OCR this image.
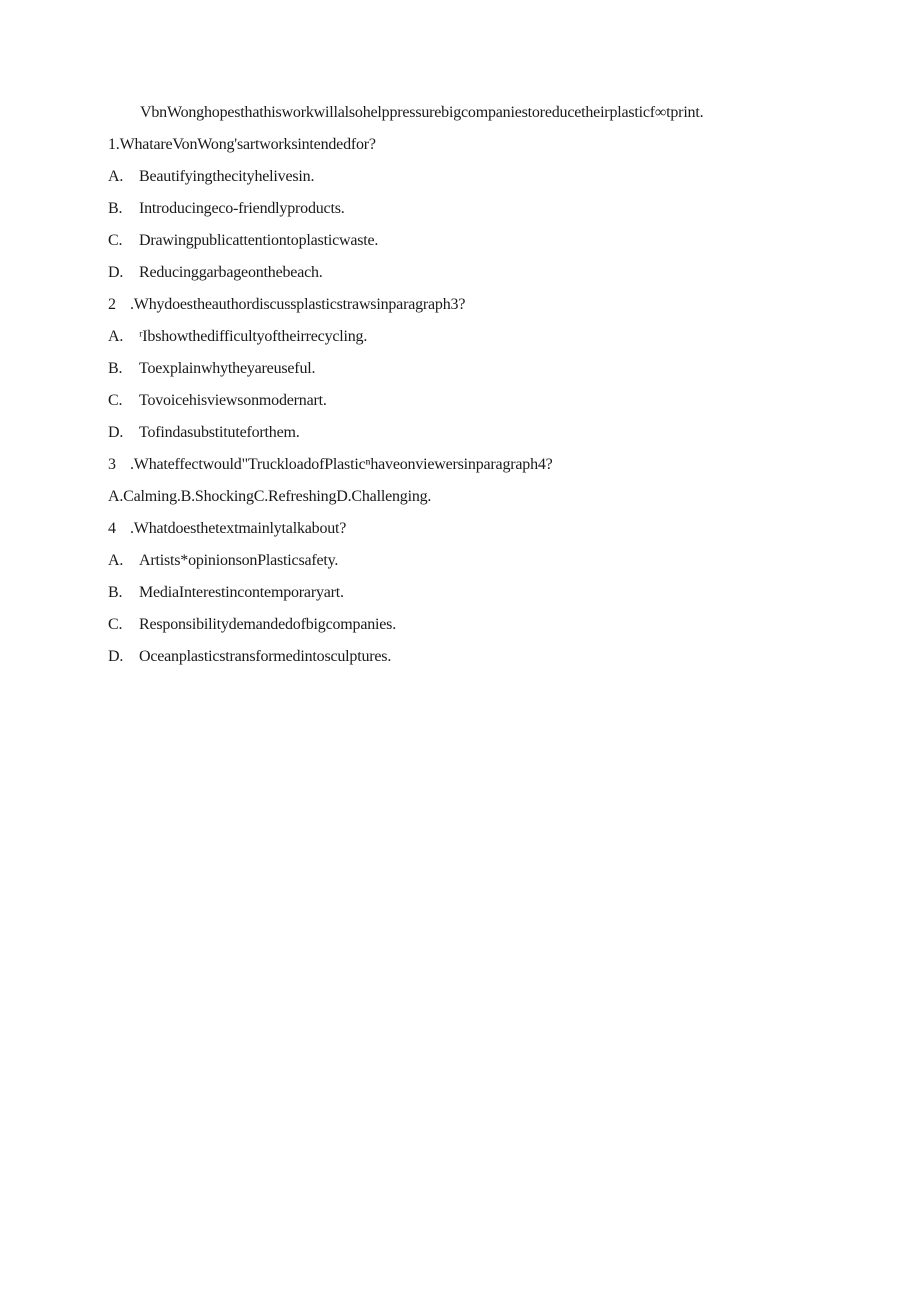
VbnWonghopesthathisworkwillalsohelppressurebigcompaniestoreducetheirplasticf∞tprint.
1.WhatareVonWong'sartworksintendedfor?
A. Beautifyingthecityhelivesin.
B. Introducingeco-friendlyproducts.
C. Drawingpublicattentiontoplasticwaste.
D. Reducinggarbageonthebeach.
2 .Whydoestheauthordiscussplasticstrawsinparagraph3?
A. ʳIbshowthedifficultyoftheirrecycling.
B. Toexplainwhytheyareuseful.
C. Tovoicehisviewsonmodernart.
D. Tofindasubstituteforthem.
3 .Whateffectwould"TruckloadofPlasticⁿhaveonviewersinparagraph4?
A.Calming.B.ShockingC.RefreshingD.Challenging.
4 .Whatdoesthetextmainlytalkabout?
A. Artists*opinionsonPlasticsafety.
B. MediaInterestincontemporaryart.
C. Responsibilitydemandedofbigcompanies.
D. Oceanplasticstransformedintosculptures.
